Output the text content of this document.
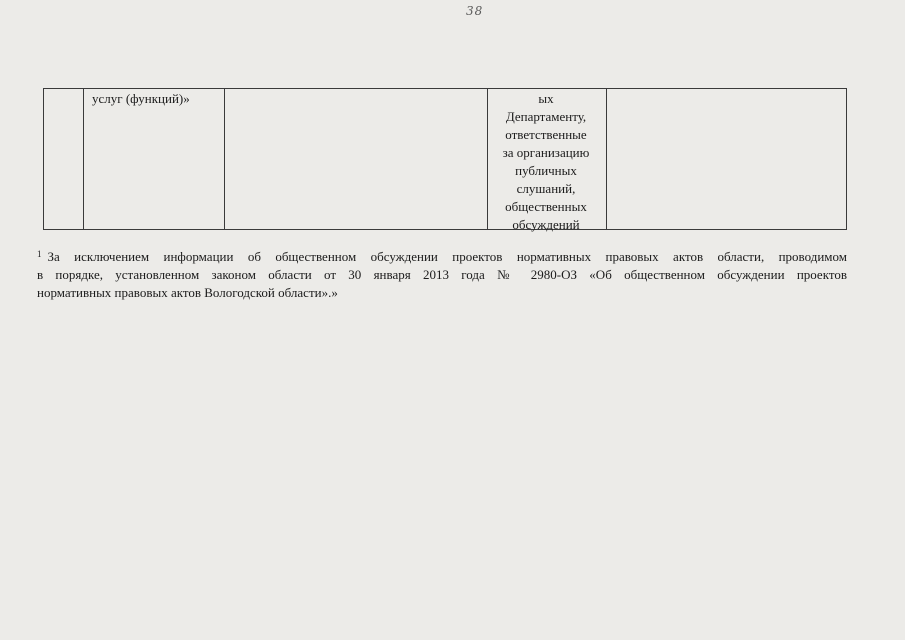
38
услуг (функций)»	ых
Департаменту,
ответственные
за организацию
публичных
слушаний,
общественных
обсуждений
$^1$ За исключением информации об общественном обсуждении проектов нормативных правовых актов области, проводимом
в порядке, установленном законом области от 30 января 2013 года № 2980-ОЗ «Об общественном обсуждении проектов
нормативных правовых актов Вологодской области».»
